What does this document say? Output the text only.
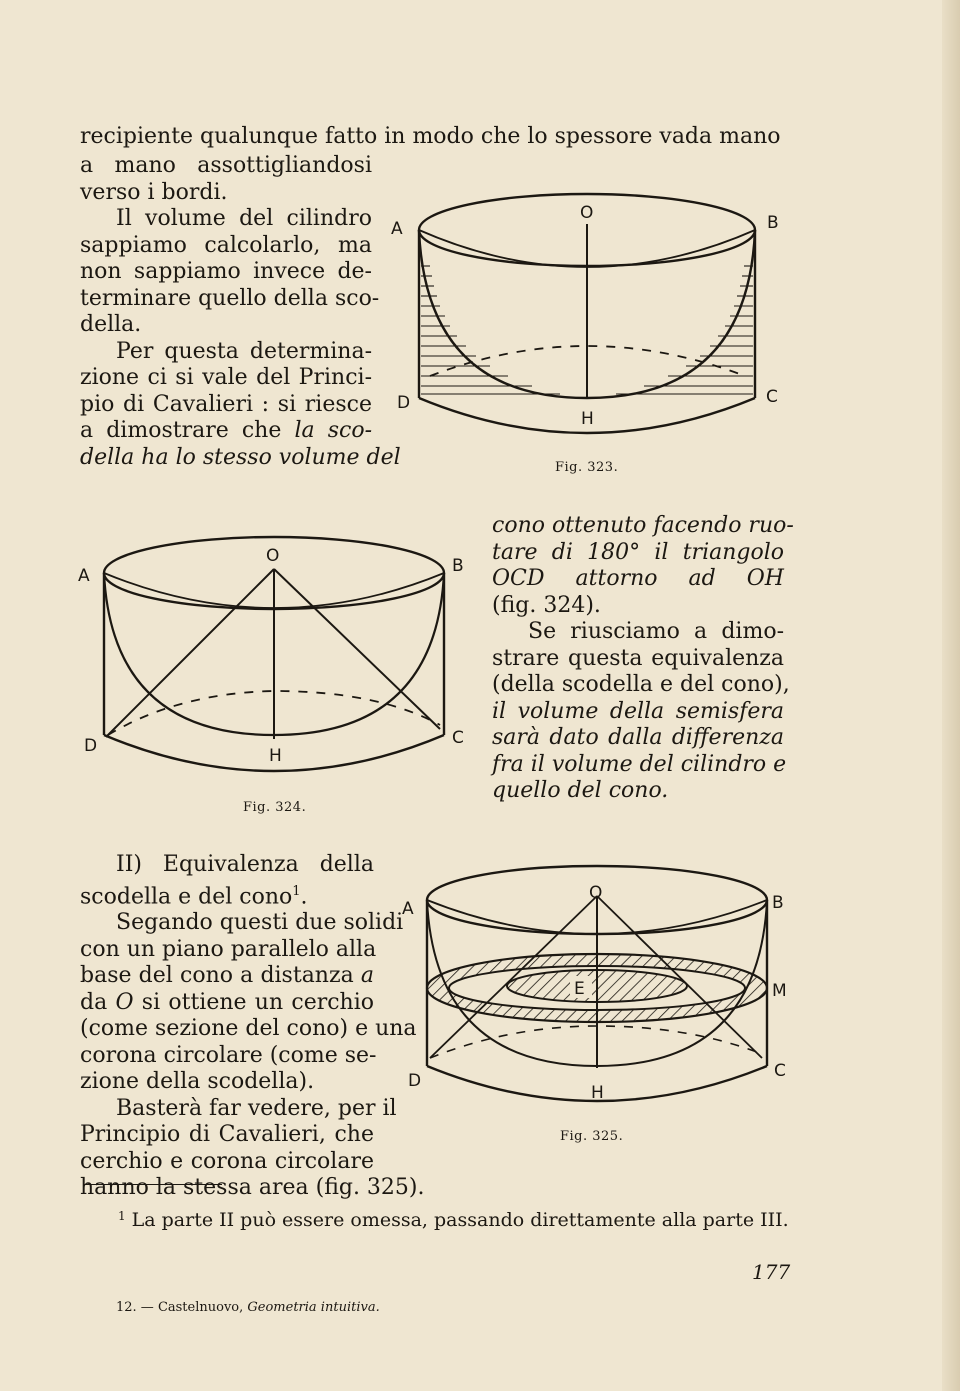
recipiente qualunque fatto in modo che lo spessore vada mano
a mano assottigliandosi
verso i bordi.
Il volume del cilindro
sappiamo calcolarlo, ma
non sappiamo invece de-
terminare quello della sco-
della.
Per questa determina-
zione ci si vale del Princi-
pio di Cavalieri : si riesce
a dimostrare che la sco-
della ha lo stesso volume del
A	B
O
D
H
C
Fig. 323.
A	B
O
D	H
C
Fig. 324.
cono ottenuto facendo ruo-
tare di 180° il triangolo
OCD attorno ad OH
(fig. 324).
Se riusciamo a dimo-
strare questa equivalenza
(della scodella e del cono),
il volume della semisfera
sarà dato dalla differenza
fra il volume del cilindro e
quello del cono.
II) Equivalenza della
scodella e del cono$^1$.
Segando questi due solidi
con un piano parallelo alla
base del cono a distanza a
da O si ottiene un cerchio
(come sezione del cono) e una
corona circolare (come se-
zione della scodella).
Basterà far vedere, per il
Principio di Cavalieri, che
cerchio e corona circolare
hanno la stessa area (fig. 325).
E
A	B
O
M
D
H
C
Fig. 325.
$^1$ La parte II può essere omessa, passando direttamente alla parte III.
177
12. — Castelnuovo, Geometria intuitiva.
